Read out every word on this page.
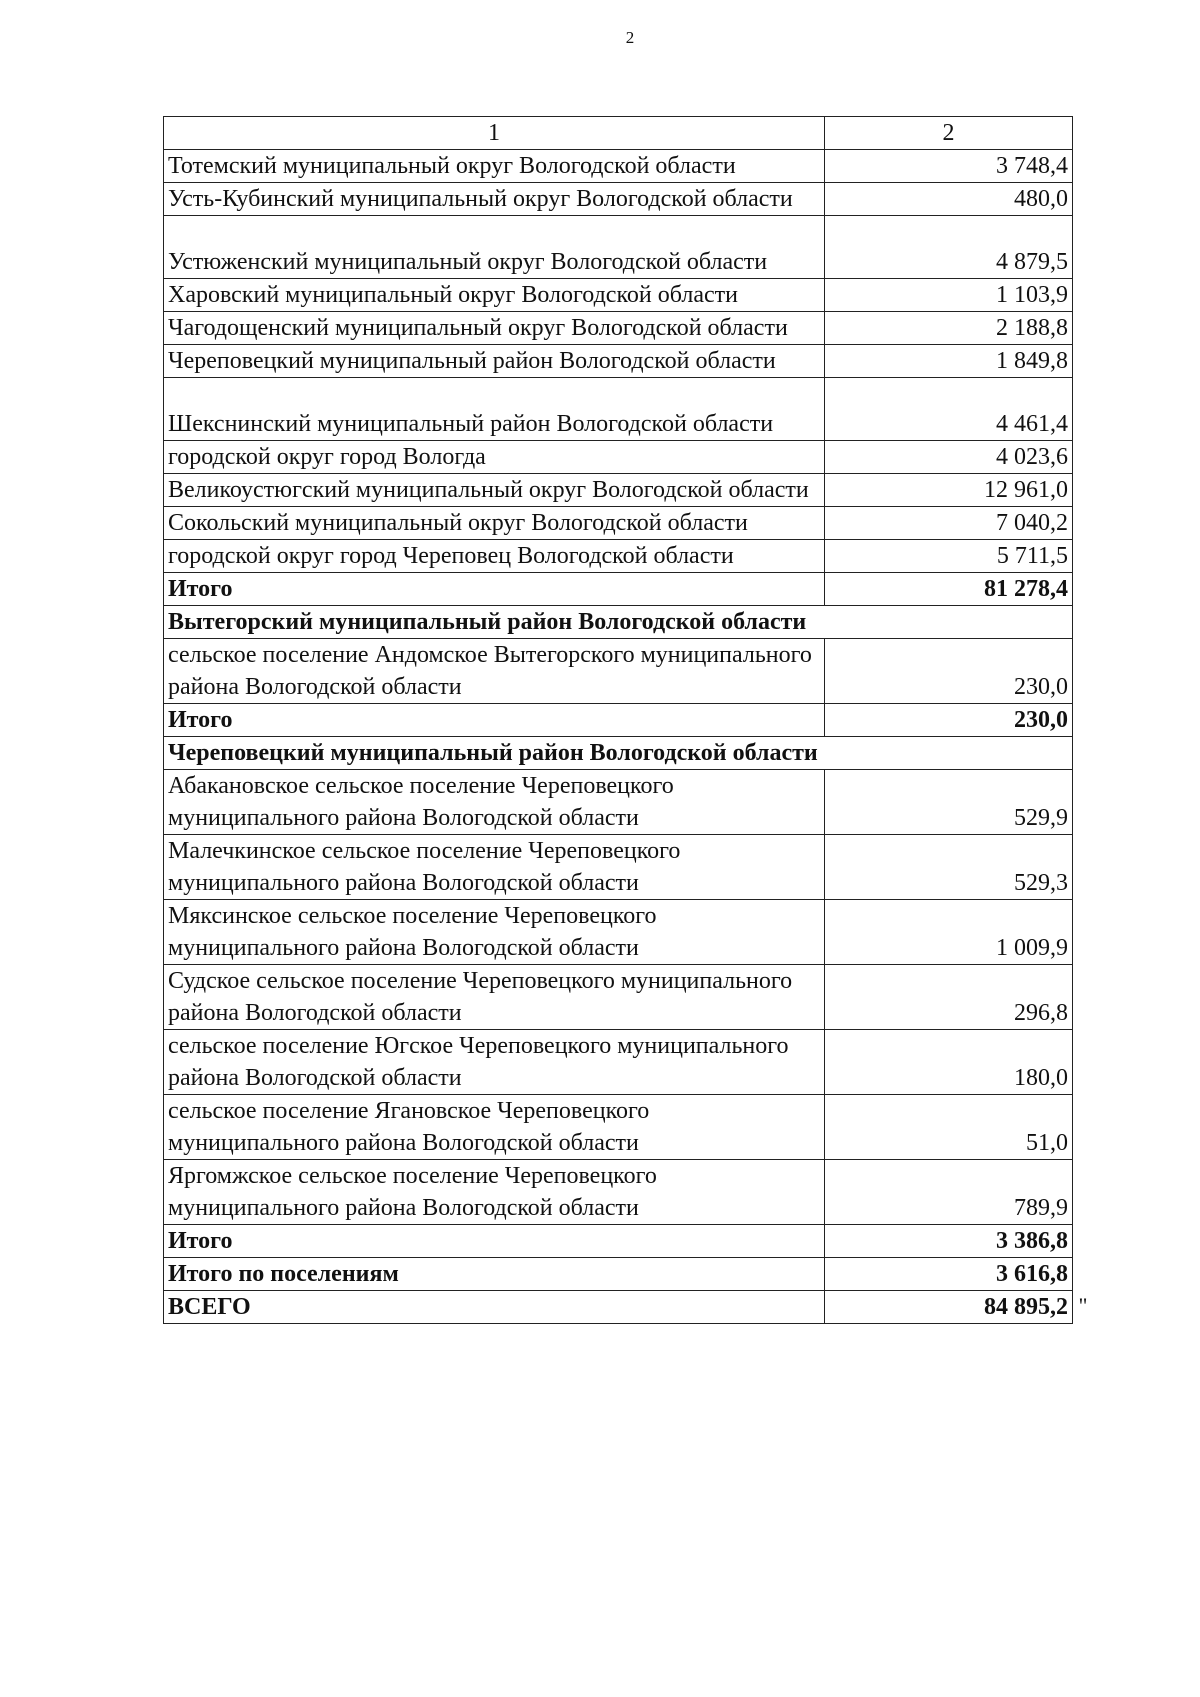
2
1	2
Тотемский муниципальный округ Вологодской области	3 748,4
Усть-Кубинский муниципальный округ Вологодской области	480,0
Устюженский муниципальный округ Вологодской области	4 879,5
Харовский муниципальный округ Вологодской области	1 103,9
Чагодощенский муниципальный округ Вологодской области	2 188,8
Череповецкий муниципальный район Вологодской области	1 849,8
Шекснинский муниципальный район Вологодской области	4 461,4
городской округ город Вологда	4 023,6
Великоустюгский муниципальный округ Вологодской области	12 961,0
Сокольский муниципальный округ Вологодской области	7 040,2
городской округ город Череповец Вологодской области	5 711,5
Итого	81 278,4
Вытегорский муниципальный район Вологодской области	
сельское поселение Андомское Вытегорского муниципального района Вологодской области	230,0
Итого	230,0
Череповецкий муниципальный район Вологодской области	
Абакановское сельское поселение Череповецкого муниципального района Вологодской области	529,9
Малечкинское сельское поселение Череповецкого муниципального района Вологодской области	529,3
Мяксинское сельское поселение Череповецкого муниципального района Вологодской области	1 009,9
Судское сельское поселение Череповецкого муниципального района Вологодской области	296,8
сельское поселение Югское Череповецкого муниципального района Вологодской области	180,0
сельское поселение Ягановское Череповецкого муниципального района Вологодской области	51,0
Яргомжское сельское поселение Череповецкого муниципального района Вологодской области	789,9
Итого	3 386,8
Итого по поселениям	3 616,8
ВСЕГО	84 895,2 "
